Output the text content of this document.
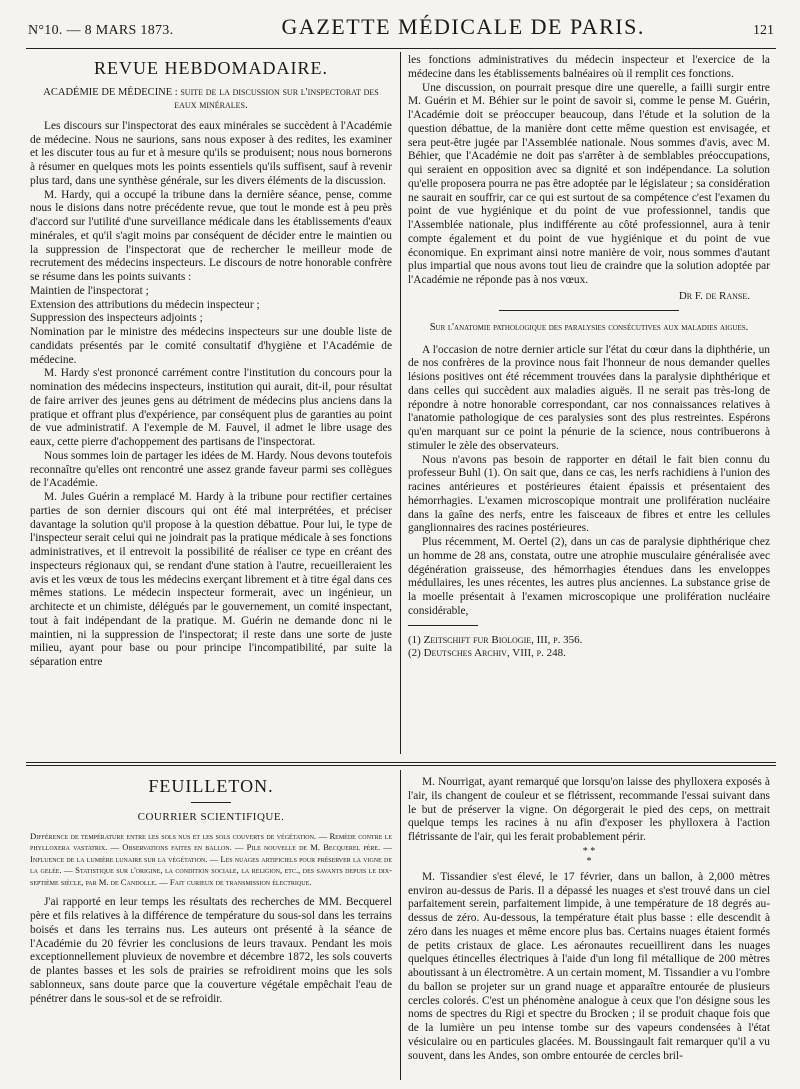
N°10. — 8 MARS 1873.	GAZETTE MÉDICALE DE PARIS.	121
REVUE HEBDOMADAIRE.
ACADÉMIE DE MÉDECINE : suite de la discussion sur l'inspectorat des eaux minérales.

Les discours sur l'inspectorat des eaux minérales se succèdent à l'Académie de médecine. Nous ne saurions, sans nous exposer à des redites, les examiner et les discuter tous au fur et à mesure qu'ils se produisent; nous nous bornerons à résumer en quelques mots les points essentiels qu'ils suffisent, sauf à revenir plus tard, dans une synthèse générale, sur les divers éléments de la discussion.

M. Hardy, qui a occupé la tribune dans la dernière séance, pense, comme nous le disions dans notre précédente revue, que tout le monde est à peu près d'accord sur l'utilité d'une surveillance médicale dans les établissements d'eaux minérales, et qu'il s'agit moins par conséquent de décider entre le maintien ou la suppression de l'inspectorat que de rechercher le meilleur mode de recrutement des médecins inspecteurs. Le discours de notre honorable confrère se résume dans les points suivants :

Maintien de l'inspectorat ;

Extension des attributions du médecin inspecteur ;

Suppression des inspecteurs adjoints ;

Nomination par le ministre des médecins inspecteurs sur une double liste de candidats présentés par le comité consultatif d'hygiène et l'Académie de médecine.

M. Hardy s'est prononcé carrément contre l'institution du concours pour la nomination des médecins inspecteurs, institution qui aurait, dit-il, pour résultat de faire arriver des jeunes gens au détriment de médecins plus anciens dans la pratique et offrant plus d'expérience, par conséquent plus de garanties au point de vue administratif. A l'exemple de M. Fauvel, il admet le libre usage des eaux, cette pierre d'achoppement des partisans de l'inspectorat.

Nous sommes loin de partager les idées de M. Hardy. Nous devons toutefois reconnaître qu'elles ont rencontré une assez grande faveur parmi ses collègues de l'Académie.

M. Jules Guérin a remplacé M. Hardy à la tribune pour rectifier certaines parties de son dernier discours qui ont été mal interprétées, et préciser davantage la solution qu'il propose à la question débattue. Pour lui, le type de l'inspecteur serait celui qui ne joindrait pas la pratique médicale à ses fonctions administratives, et il entrevoit la possibilité de réaliser ce type en créant des inspecteurs régionaux qui, se rendant d'une station à l'autre, recueilleraient les avis et les vœux de tous les médecins exerçant librement et à titre égal dans ces mêmes stations. Le médecin inspecteur formerait, avec un ingénieur, un architecte et un chimiste, délégués par le gouvernement, un comité inspectant, tout à fait indépendant de la pratique. M. Guérin ne demande donc ni le maintien, ni la suppression de l'inspectorat; il reste dans une sorte de juste milieu, ayant pour base ou pour principe l'incompatibilité, par suite la séparation entre

les fonctions administratives du médecin inspecteur et l'exercice de la médecine dans les établissements balnéaires où il remplit ces fonctions.

Une discussion, on pourrait presque dire une querelle, a failli surgir entre M. Guérin et M. Béhier sur le point de savoir si, comme le pense M. Guérin, l'Académie doit se préoccuper beaucoup, dans l'étude et la solution de la question débattue, de la manière dont cette même question est envisagée, et sera peut-être jugée par l'Assemblée nationale. Nous sommes d'avis, avec M. Béhier, que l'Académie ne doit pas s'arrêter à de semblables préoccupations, qui seraient en opposition avec sa dignité et son indépendance. La solution qu'elle proposera pourra ne pas être adoptée par le législateur ; sa considération ne saurait en souffrir, car ce qui est surtout de sa compétence c'est l'examen du point de vue hygiénique et du point de vue professionnel, tandis que l'Assemblée nationale, plus indifférente au côté professionnel, aura à tenir compte également et du point de vue hygiénique et du point de vue économique. En exprimant ainsi notre manière de voir, nous sommes d'autant plus impartial que nous avons tout lieu de craindre que la solution adoptée par l'Académie ne réponde pas à nos vœux.

Dr F. de Ranse.
Sur l'anatomie pathologique des paralysies consécutives aux maladies aigues.

A l'occasion de notre dernier article sur l'état du cœur dans la diphthérie, un de nos confrères de la province nous fait l'honneur de nous demander quelles lésions positives ont été récemment trouvées dans la paralysie diphthérique et dans celles qui succèdent aux maladies aiguës. Il ne serait pas très-long de répondre à notre honorable correspondant, car nos connaissances relatives à l'anatomie pathologique de ces paralysies sont des plus restreintes. Espérons qu'en marquant sur ce point la pénurie de la science, nous contribuerons à stimuler le zèle des observateurs.

Nous n'avons pas besoin de rapporter en détail le fait bien connu du professeur Buhl (1). On sait que, dans ce cas, les nerfs rachidiens à l'union des racines antérieures et postérieures étaient épaissis et présentaient des hémorrhagies. L'examen microscopique montrait une prolifération nucléaire dans la gaîne des nerfs, entre les faisceaux de fibres et entre les cellules ganglionnaires des racines postérieures.

Plus récemment, M. Oertel (2), dans un cas de paralysie diphthérique chez un homme de 28 ans, constata, outre une atrophie musculaire généralisée avec dégénération graisseuse, des hémorrhagies étendues dans les enveloppes médullaires, les unes récentes, les autres plus anciennes. La substance grise de la moelle présentait à l'examen microscopique une prolifération nucléaire considérable,

(1) Zeitschift fur Biologie, III, p. 356.
(2) Deutsches Archiv, VIII, p. 248.
FEUILLETON.
COURRIER SCIENTIFIQUE.
Différence de température entre les sols nus et les sols couverts de végétation. — Remède contre le phylloxera vastatrix. — Observations faites en ballon. — Pile nouvelle de M. Becquerel père. — Influence de la lumière lunaire sur la végétation. — Les nuages artificiels pour préserver la vigne de la gelée. — Statistique sur l'origine, la condition sociale, la religion, etc., des savants depuis le dix-septième siècle, par M. de Candolle. — Fait curieux de transmission électrique.

J'ai rapporté en leur temps les résultats des recherches de MM. Becquerel père et fils relatives à la différence de température du sous-sol dans les terrains boisés et dans les terrains nus. Les auteurs ont présenté à la séance de l'Académie du 20 février les conclusions de leurs travaux. Pendant les mois exceptionnellement pluvieux de novembre et décembre 1872, les sols couverts de plantes basses et les sols de prairies se refroidirent moins que les sols sablonneux, sans doute parce que la couverture végétale empêchait l'eau de pénétrer dans le sous-sol et de se refroidir.

M. Nourrigat, ayant remarqué que lorsqu'on laisse des phylloxera exposés à l'air, ils changent de couleur et se flétrissent, recommande l'essai suivant dans le but de préserver la vigne. On dégorgerait le pied des ceps, on mettrait quelque temps les racines à nu afin d'exposer les phylloxera à l'action flétrissante de l'air, qui les ferait probablement périr.

* *
*

M. Tissandier s'est élevé, le 17 février, dans un ballon, à 2,000 mètres environ au-dessus de Paris. Il a dépassé les nuages et s'est trouvé dans un ciel parfaitement serein, parfaitement limpide, à une température de 18 degrés au-dessus de zéro. Au-dessous, la température était plus basse : elle descendit à zéro dans les nuages et même encore plus bas. Certains nuages étaient formés de petits cristaux de glace. Les aéronautes recueillirent dans les nuages quelques étincelles électriques à l'aide d'un long fil métallique de 200 mètres aboutissant à un électromètre. A un certain moment, M. Tissandier a vu l'ombre du ballon se projeter sur un grand nuage et apparaître entourée de plusieurs cercles colorés. C'est un phénomène analogue à ceux que l'on désigne sous les noms de spectres du Rigi et spectre du Brocken ; il se produit chaque fois que de la lumière un peu intense tombe sur des vapeurs condensées à l'état vésiculaire ou en particules glacées. M. Boussingault fait remarquer qu'il a vu souvent, dans les Andes, son ombre entourée de cercles bril-
